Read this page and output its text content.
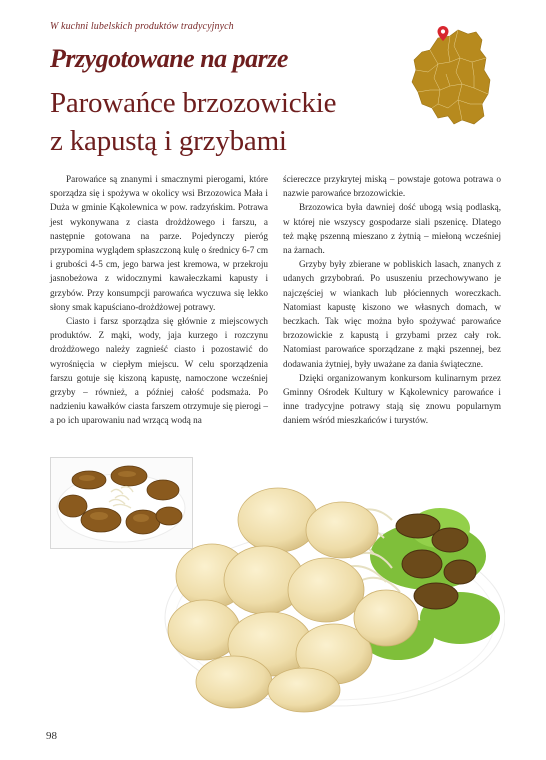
W kuchni lubelskich produktów tradycyjnych
Przygotowane na parze
Parowańce brzozowickie
z kapustą i grzybami

Parowańce są znanymi i smacznymi pierogami, które sporządza się i spożywa w okolicy wsi Brzozowica Mała i Duża w gminie Kąkolewnica w pow. radzyńskim. Potrawa jest wykonywana z ciasta drożdżowego i farszu, a następnie gotowana na parze. Pojedynczy pieróg przypomina wyglądem spłaszczoną kulę o średnicy 6-7 cm i grubości 4-5 cm, jego barwa jest kremowa, w przekroju jasnobeżowa z widocznymi kawałeczkami kapusty i grzybów. Przy konsumpcji parowańca wyczuwa się lekko słony smak kapuściano-drożdżowej potrawy.

Ciasto i farsz sporządza się głównie z miejscowych produktów. Z mąki, wody, jaja kurzego i rozczynu drożdżowego należy zagnieść ciasto i pozostawić do wyrośnięcia w ciepłym miejscu. W celu sporządzenia farszu gotuje się kiszoną kapustę, namoczone wcześniej grzyby – również, a później całość podsmaża. Po nadzieniu kawałków ciasta farszem otrzymuje się pierogi – a po ich uparowaniu nad wrzącą wodą na

ściereczce przykrytej miską – powstaje gotowa potrawa o nazwie parowańce brzozowickie.

Brzozowica była dawniej dość ubogą wsią podlaską, w której nie wszyscy gospodarze siali pszenicę. Dlatego też mąkę pszenną mieszano z żytnią – miełoną wcześniej na żarnach.

Grzyby były zbierane w pobliskich lasach, znanych z udanych grzybobrań. Po ususzeniu przechowywano je najczęściej w wiankach lub płóciennych woreczkach. Natomiast kapustę kiszono we własnych domach, w beczkach. Tak więc można było spożywać parowańce brzozowickie z kapustą i grzybami przez cały rok. Natomiast parowańce sporządzane z mąki pszennej, bez dodawania żytniej, były uważane za dania świąteczne.

Dzięki organizowanym konkursom kulinarnym przez Gminny Ośrodek Kultury w Kąkolewnicy parowańce i inne tradycyjne potrawy stają się znowu popularnym daniem wśród mieszkańców i turystów.

98
